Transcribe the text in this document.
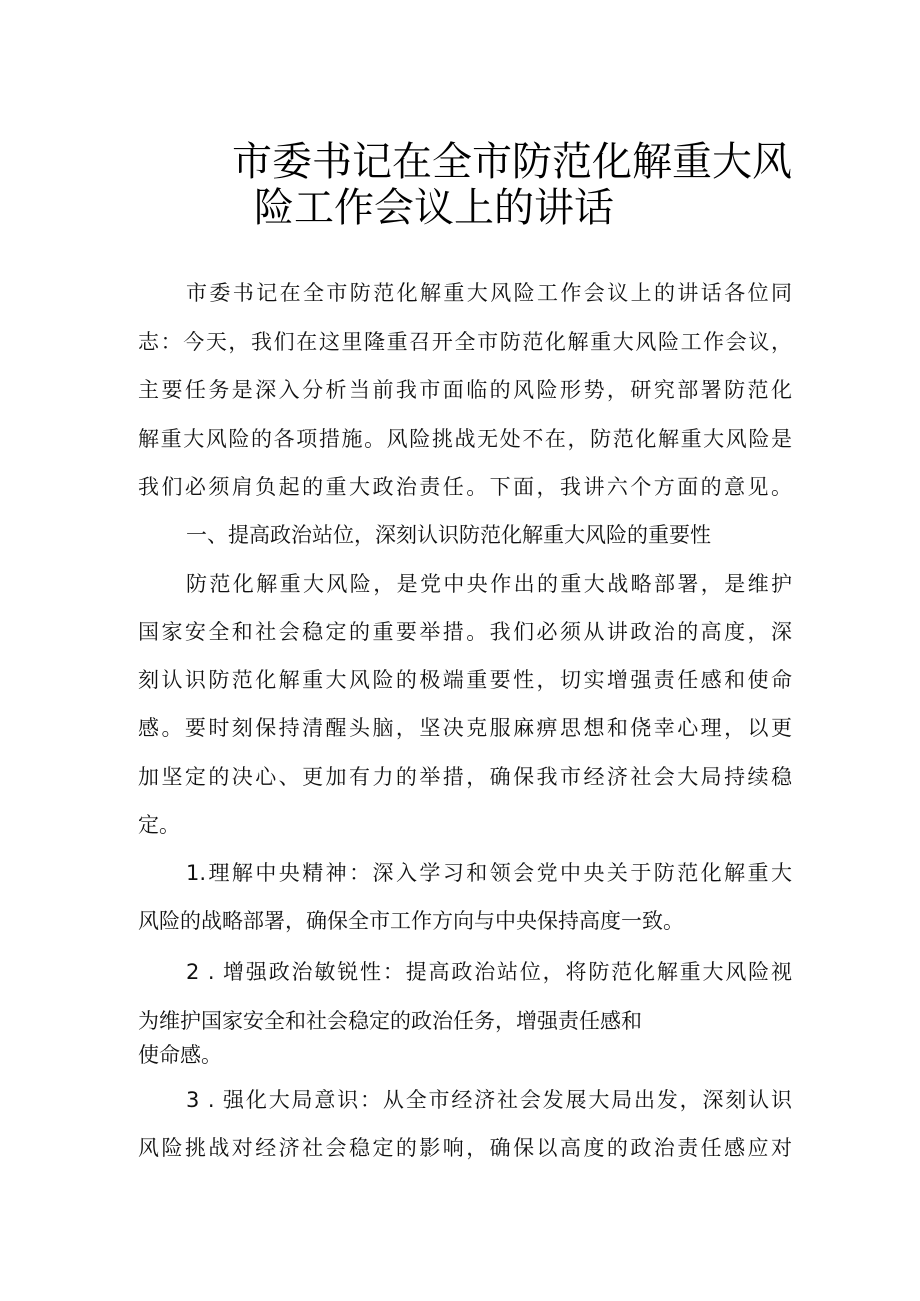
市委书记在全市防范化解重大风
险工作会议上的讲话
市委书记在全市防范化解重大风险工作会议上的讲话各位同
志：今天，我们在这里隆重召开全市防范化解重大风险工作会议，
主要任务是深入分析当前我市面临的风险形势，研究部署防范化
解重大风险的各项措施。风险挑战无处不在，防范化解重大风险是
我们必须肩负起的重大政治责任。下面，我讲六个方面的意见。
一、提高政治站位，深刻认识防范化解重大风险的重要性
防范化解重大风险，是党中央作出的重大战略部署，是维护
国家安全和社会稳定的重要举措。我们必须从讲政治的高度，深
刻认识防范化解重大风险的极端重要性，切实增强责任感和使命
感。要时刻保持清醒头脑，坚决克服麻痹思想和侥幸心理，以更
加坚定的决心、更加有力的举措，确保我市经济社会大局持续稳
定。
1.理解中央精神：深入学习和领会党中央关于防范化解重大
风险的战略部署，确保全市工作方向与中央保持高度一致。
2 . 增强政治敏锐性：提高政治站位，将防范化解重大风险视
为维护国家安全和社会稳定的政治任务，增强责任感和
使命感。
3 . 强化大局意识：从全市经济社会发展大局出发，深刻认识
风险挑战对经济社会稳定的影响，确保以高度的政治责任感应对
